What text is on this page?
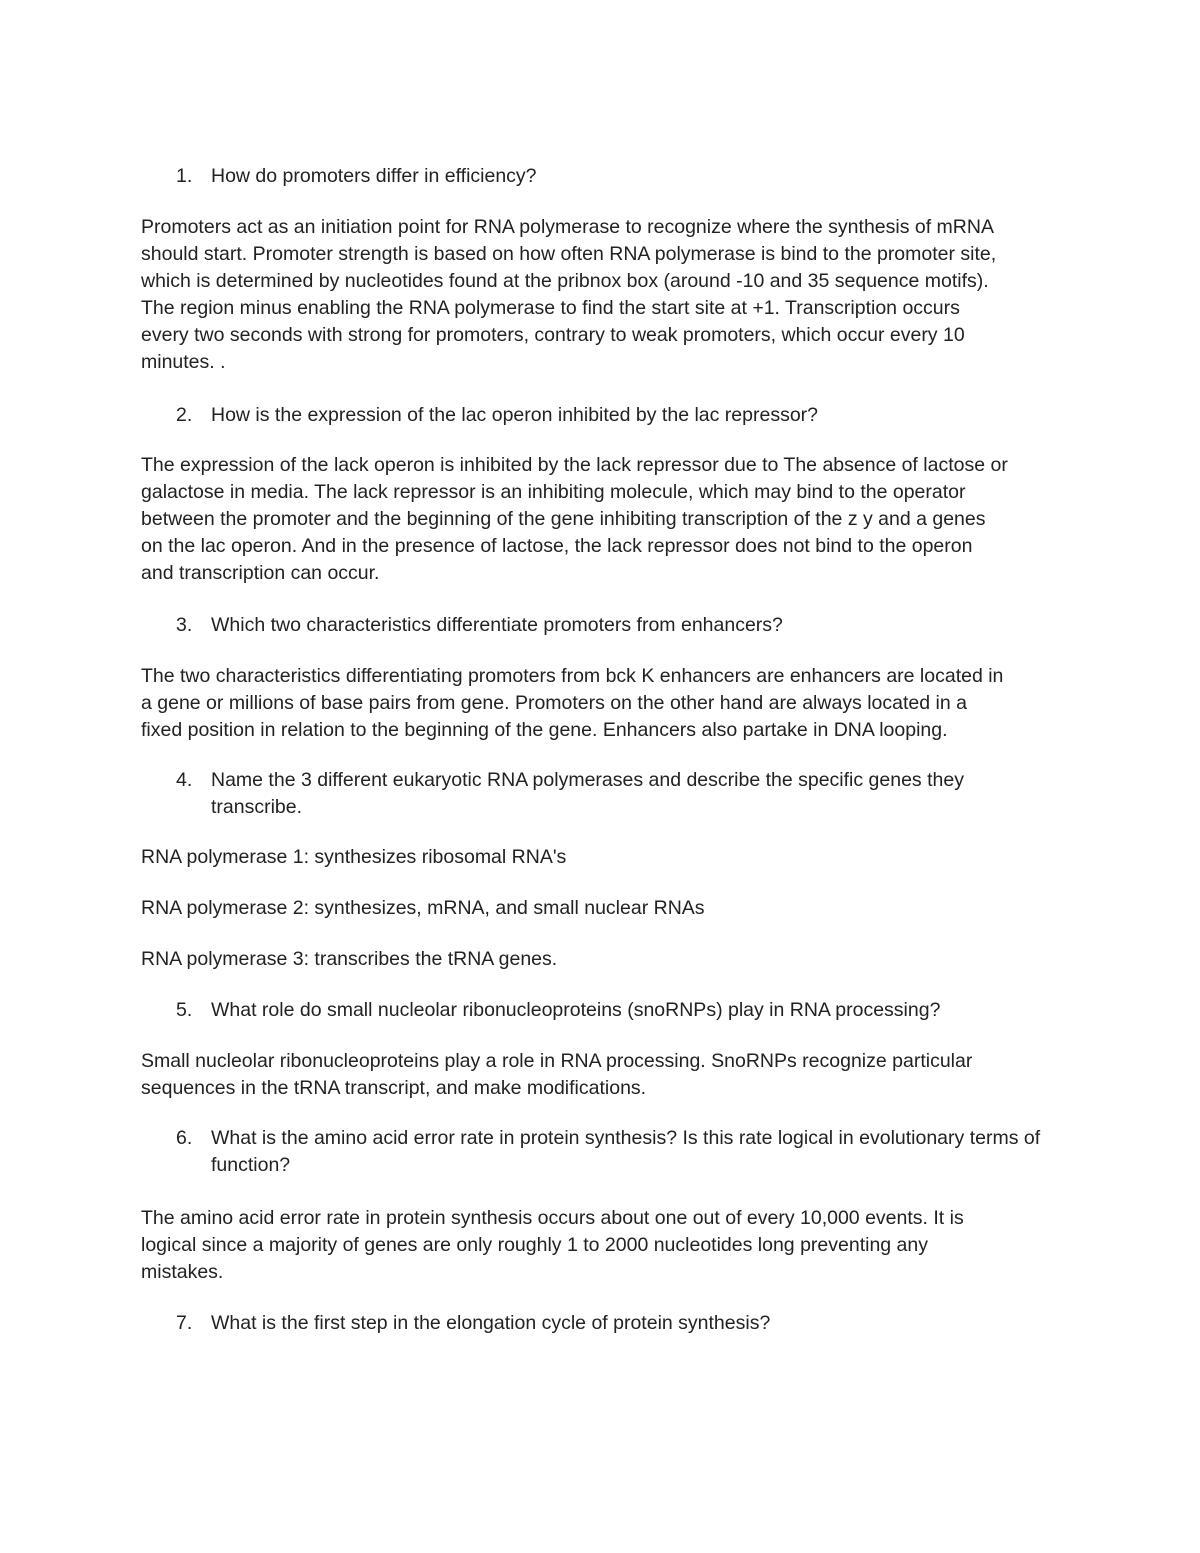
1. How do promoters differ in efficiency?
Promoters act as an initiation point for RNA polymerase to recognize where the synthesis of mRNA
should start. Promoter strength is based on how often RNA polymerase is bind to the promoter site,
which is determined by nucleotides found at the pribnox box (around -10 and 35 sequence motifs).
The region minus enabling the RNA polymerase to find the start site at +1. Transcription occurs
every two seconds with strong for promoters, contrary to weak promoters, which occur every 10
minutes. .
2. How is the expression of the lac operon inhibited by the lac repressor?
The expression of the lack operon is inhibited by the lack repressor due to The absence of lactose or
galactose in media. The lack repressor is an inhibiting molecule, which may bind to the operator
between the promoter and the beginning of the gene inhibiting transcription of the z y and a genes
on the lac operon. And in the presence of lactose, the lack repressor does not bind to the operon
and transcription can occur.
3. Which two characteristics differentiate promoters from enhancers?
The two characteristics differentiating promoters from bck K enhancers are enhancers are located in
a gene or millions of base pairs from gene. Promoters on the other hand are always located in a
fixed position in relation to the beginning of the gene. Enhancers also partake in DNA looping.
4. Name the 3 different eukaryotic RNA polymerases and describe the specific genes they transcribe.
RNA polymerase 1: synthesizes ribosomal RNA's
RNA polymerase 2: synthesizes, mRNA, and small nuclear RNAs
RNA polymerase 3: transcribes the tRNA genes.
5. What role do small nucleolar ribonucleoproteins (snoRNPs) play in RNA processing?
Small nucleolar ribonucleoproteins play a role in RNA processing. SnoRNPs recognize particular
sequences in the tRNA transcript, and make modifications.
6. What is the amino acid error rate in protein synthesis? Is this rate logical in evolutionary terms of function?
The amino acid error rate in protein synthesis occurs about one out of every 10,000 events. It is
logical since a majority of genes are only roughly 1 to 2000 nucleotides long preventing any
mistakes.
7. What is the first step in the elongation cycle of protein synthesis?
